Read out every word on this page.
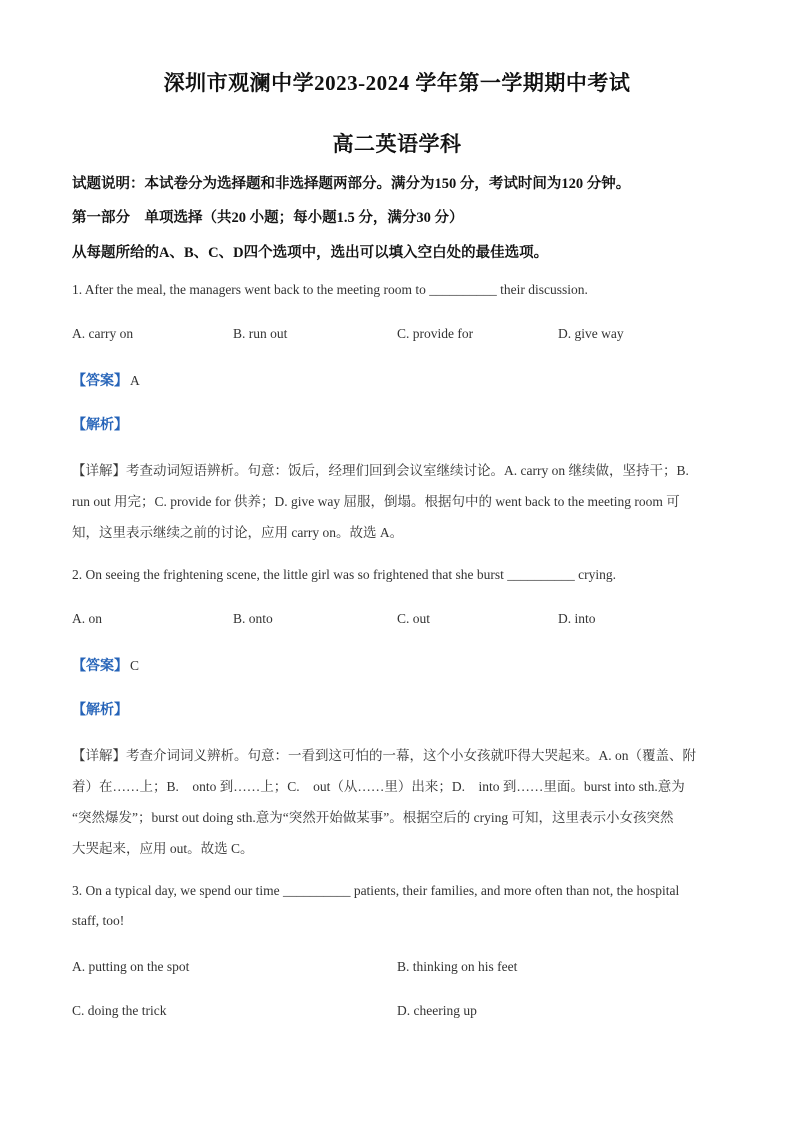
深圳市观澜中学2023-2024 学年第一学期期中考试
高二英语学科
试题说明：本试卷分为选择题和非选择题两部分。满分为150 分，考试时间为120 分钟。
第一部分　单项选择（共20 小题；每小题1.5 分，满分30 分）
从每题所给的A、B、C、D四个选项中，选出可以填入空白处的最佳选项。
1. After the meal, the managers went back to the meeting room to __________ their discussion.
A. carry on	B. run out	C. provide for	D. give way
【答案】 A
【解析】
【详解】考查动词短语辨析。句意：饭后，经理们回到会议室继续讨论。A. carry on 继续做，坚持干；B.
run out 用完；C. provide for 供养；D. give way 屈服，倒塌。根据句中的 went back to the meeting room 可
知，这里表示继续之前的讨论，应用 carry on。故选 A。
2. On seeing the frightening scene, the little girl was so frightened that she burst __________ crying.
A. on	B. onto	C. out	D. into
【答案】 C
【解析】
【详解】考查介词词义辨析。句意：一看到这可怕的一幕，这个小女孩就吓得大哭起来。A. on（覆盖、附
着）在……上；B.　onto 到……上；C.　out（从……里）出来；D.　into 到……里面。burst into sth.意为
“突然爆发”；burst out doing sth.意为“突然开始做某事”。根据空后的 crying 可知，这里表示小女孩突然
大哭起来，应用 out。故选 C。
3. On a typical day, we spend our time __________ patients, their families, and more often than not, the hospital
staff, too!
A. putting on the spot	B. thinking on his feet
C. doing the trick	D. cheering up
